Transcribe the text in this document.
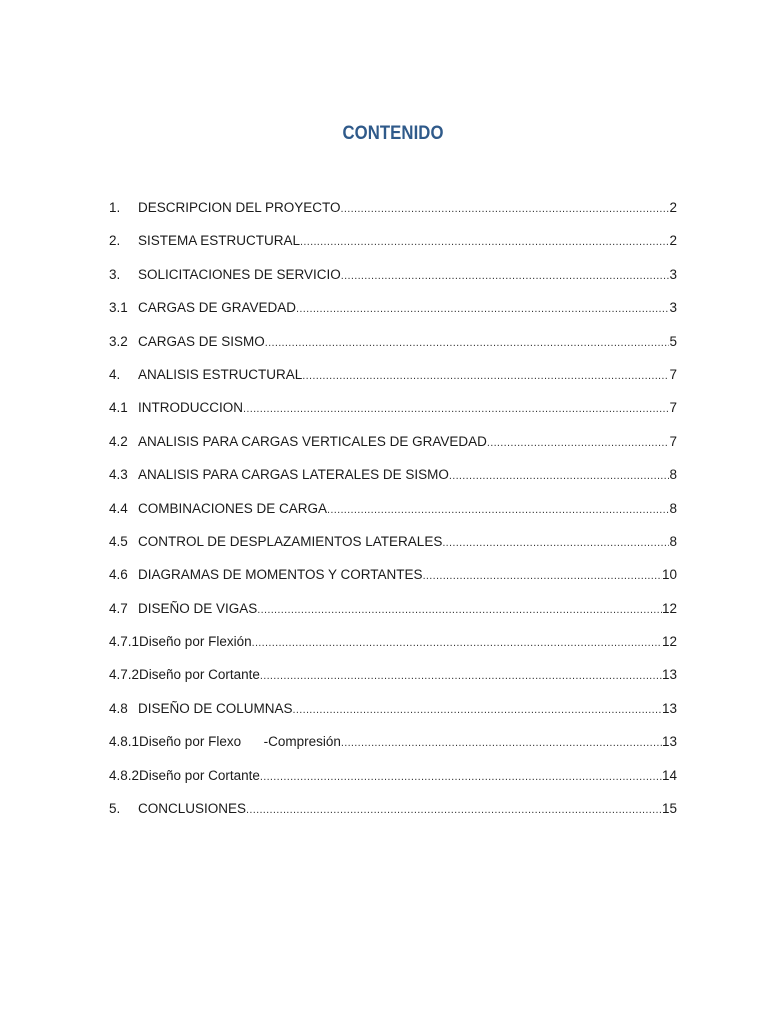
CONTENIDO
1.	DESCRIPCION DEL PROYECTO .....	2
2.	SISTEMA ESTRUCTURAL .....	2
3.	SOLICITACIONES DE SERVICIO .....	3
3.1 CARGAS DE GRAVEDAD .....	3
3.2 CARGAS DE SISMO .....	5
4.	ANALISIS ESTRUCTURAL .....	7
4.1 INTRODUCCION .....	7
4.2 ANALISIS PARA CARGAS VERTICALES DE GRAVEDAD .....	7
4.3 ANALISIS PARA CARGAS LATERALES DE SISMO .....	8
4.4 COMBINACIONES DE CARGA .....	8
4.5 CONTROL DE DESPLAZAMIENTOS LATERALES .....	8
4.6 DIAGRAMAS DE MOMENTOS Y CORTANTES .....	10
4.7 DISEÑO DE VIGAS .....	12
4.7.1 Diseño por Flexión .....	12
4.7.2 Diseño por Cortante .....	13
4.8 DISEÑO DE COLUMNAS .....	13
4.8.1 Diseño por Flexo      -Compresión .....	13
4.8.2 Diseño por Cortante .....	14
5.	CONCLUSIONES .....	15
